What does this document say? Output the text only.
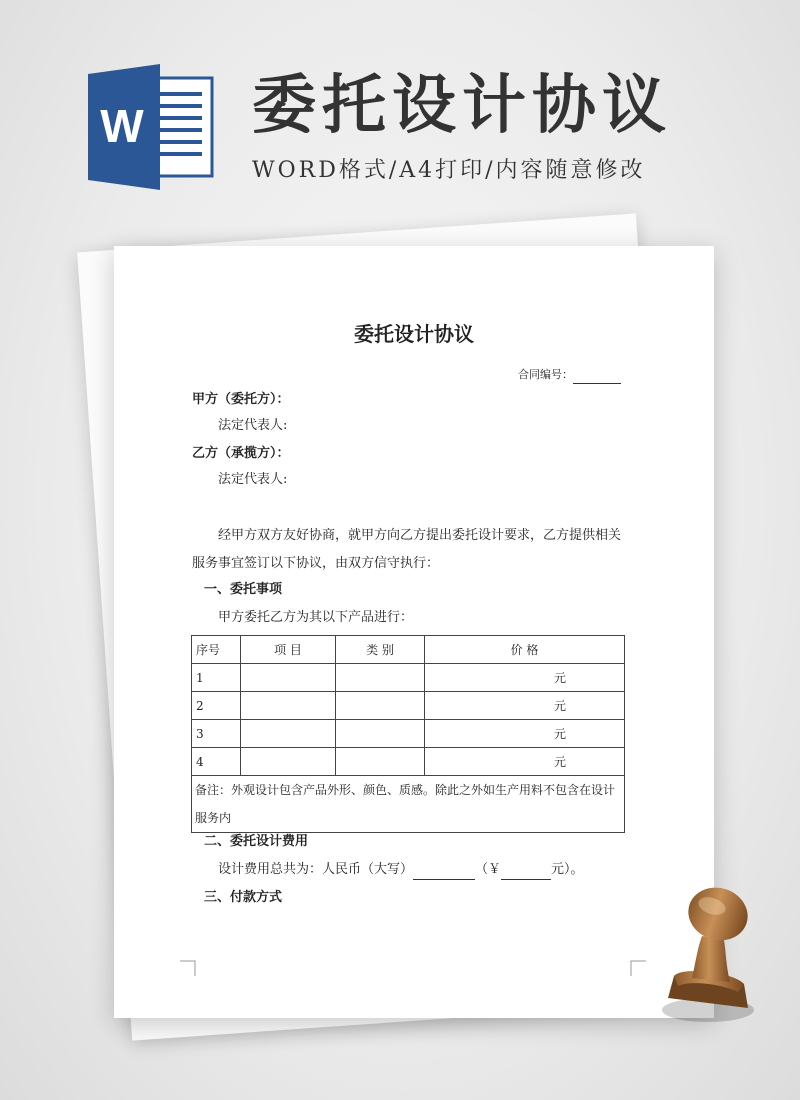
W 委托设计协议
WORD格式/A4打印/内容随意修改
委托设计协议
合同编号：
甲方（委托方）：
法定代表人:
乙方（承揽方）：
法定代表人:
经甲方双方友好协商，就甲方向乙方提出委托设计要求，乙方提供相关服务事宜签订以下协议，由双方信守执行：
一、委托事项
甲方委托乙方为其以下产品进行：
序号	项 目	类 别	价 格
1			元
2			元
3			元
4			元
备注：外观设计包含产品外形、颜色、质感。除此之外如生产用料不包含在设计服务内			
二、委托设计费用
设计费用总共为：人民币（大写）	（￥	元）。
三、付款方式
